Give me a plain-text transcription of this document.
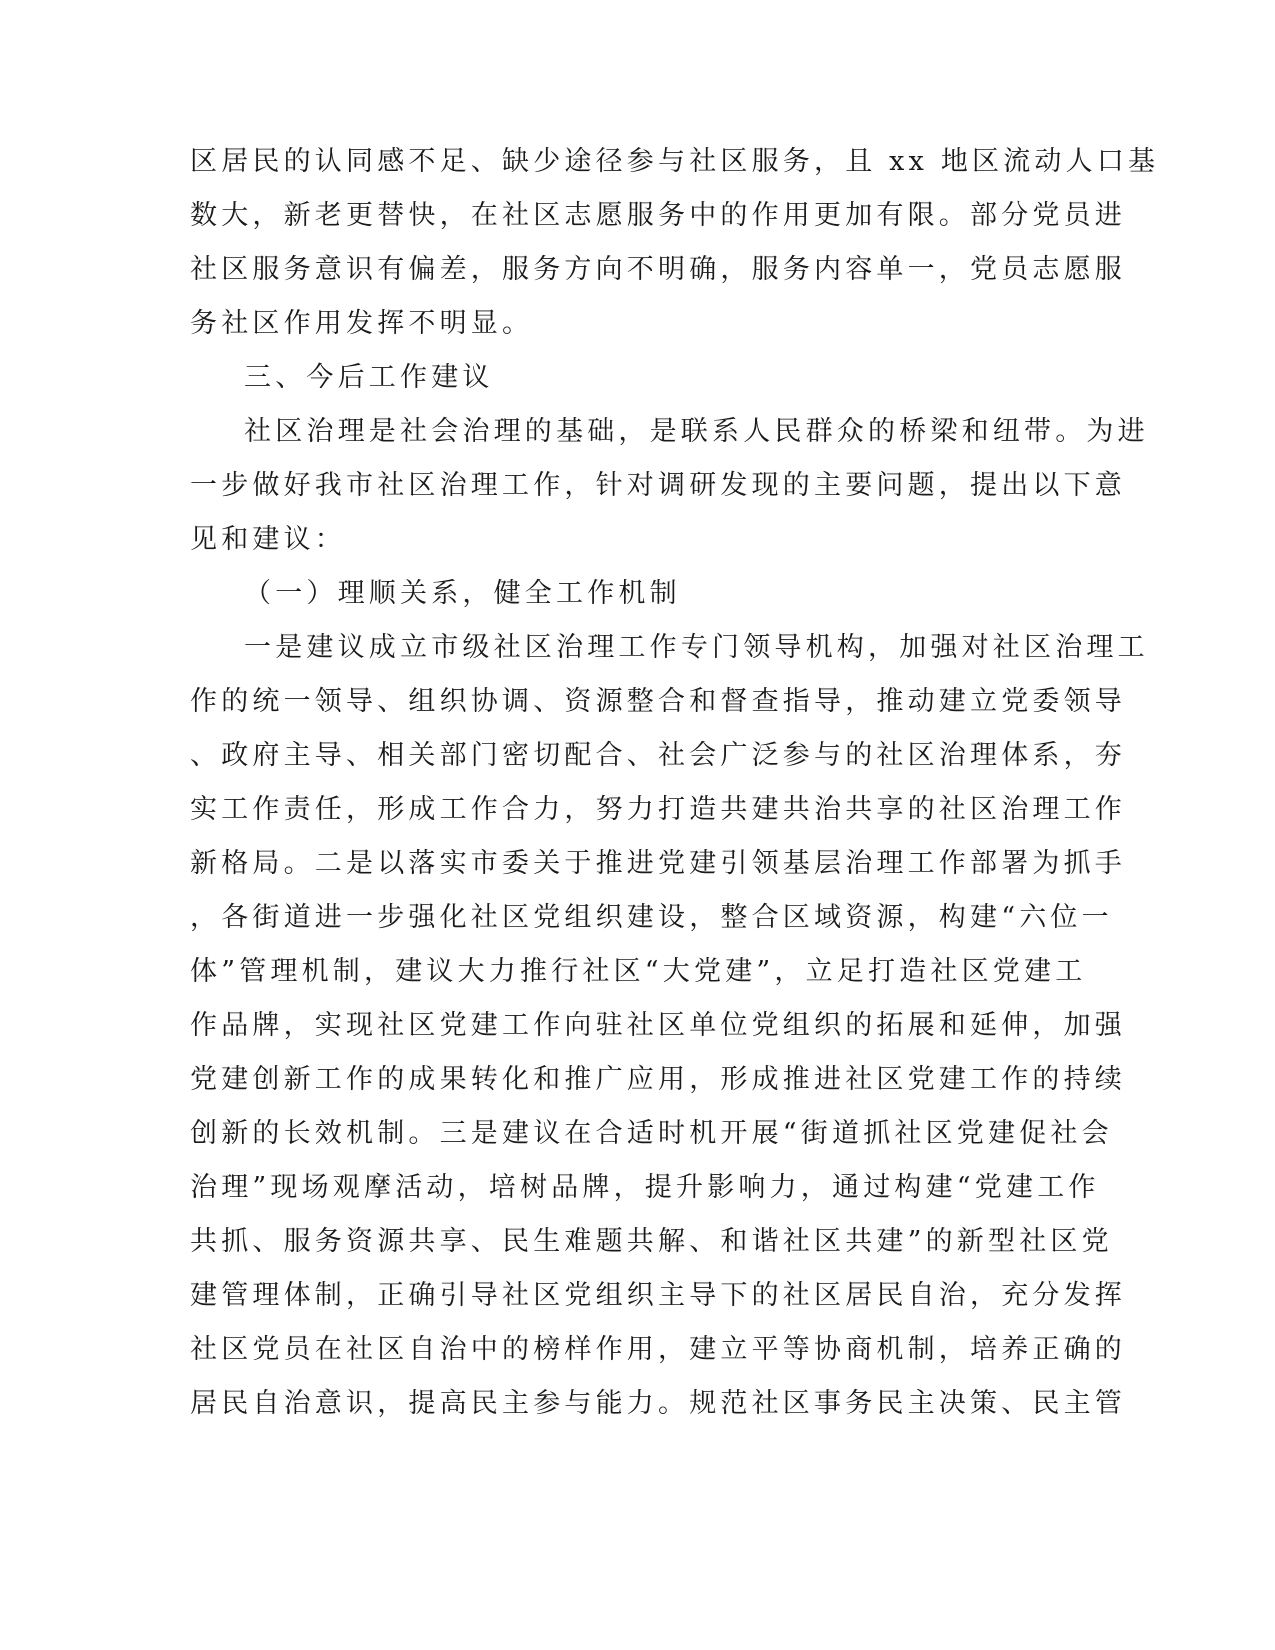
区居民的认同感不足、缺少途径参与社区服务，且 xx 地区流动人口基

数大，新老更替快，在社区志愿服务中的作用更加有限。部分党员进

社区服务意识有偏差，服务方向不明确，服务内容单一，党员志愿服

务社区作用发挥不明显。

三、今后工作建议

社区治理是社会治理的基础，是联系人民群众的桥梁和纽带。为进

一步做好我市社区治理工作，针对调研发现的主要问题，提出以下意

见和建议：

（一）理顺关系，健全工作机制

一是建议成立市级社区治理工作专门领导机构，加强对社区治理工

作的统一领导、组织协调、资源整合和督查指导，推动建立党委领导

、政府主导、相关部门密切配合、社会广泛参与的社区治理体系，夯

实工作责任，形成工作合力，努力打造共建共治共享的社区治理工作

新格局。二是以落实市委关于推进党建引领基层治理工作部署为抓手

，各街道进一步强化社区党组织建设，整合区域资源，构建“六位一

体”管理机制，建议大力推行社区“大党建”，立足打造社区党建工

作品牌，实现社区党建工作向驻社区单位党组织的拓展和延伸，加强

党建创新工作的成果转化和推广应用，形成推进社区党建工作的持续

创新的长效机制。三是建议在合适时机开展“街道抓社区党建促社会

治理”现场观摩活动，培树品牌，提升影响力，通过构建“党建工作

共抓、服务资源共享、民生难题共解、和谐社区共建”的新型社区党

建管理体制，正确引导社区党组织主导下的社区居民自治，充分发挥

社区党员在社区自治中的榜样作用，建立平等协商机制，培养正确的

居民自治意识，提高民主参与能力。规范社区事务民主决策、民主管
